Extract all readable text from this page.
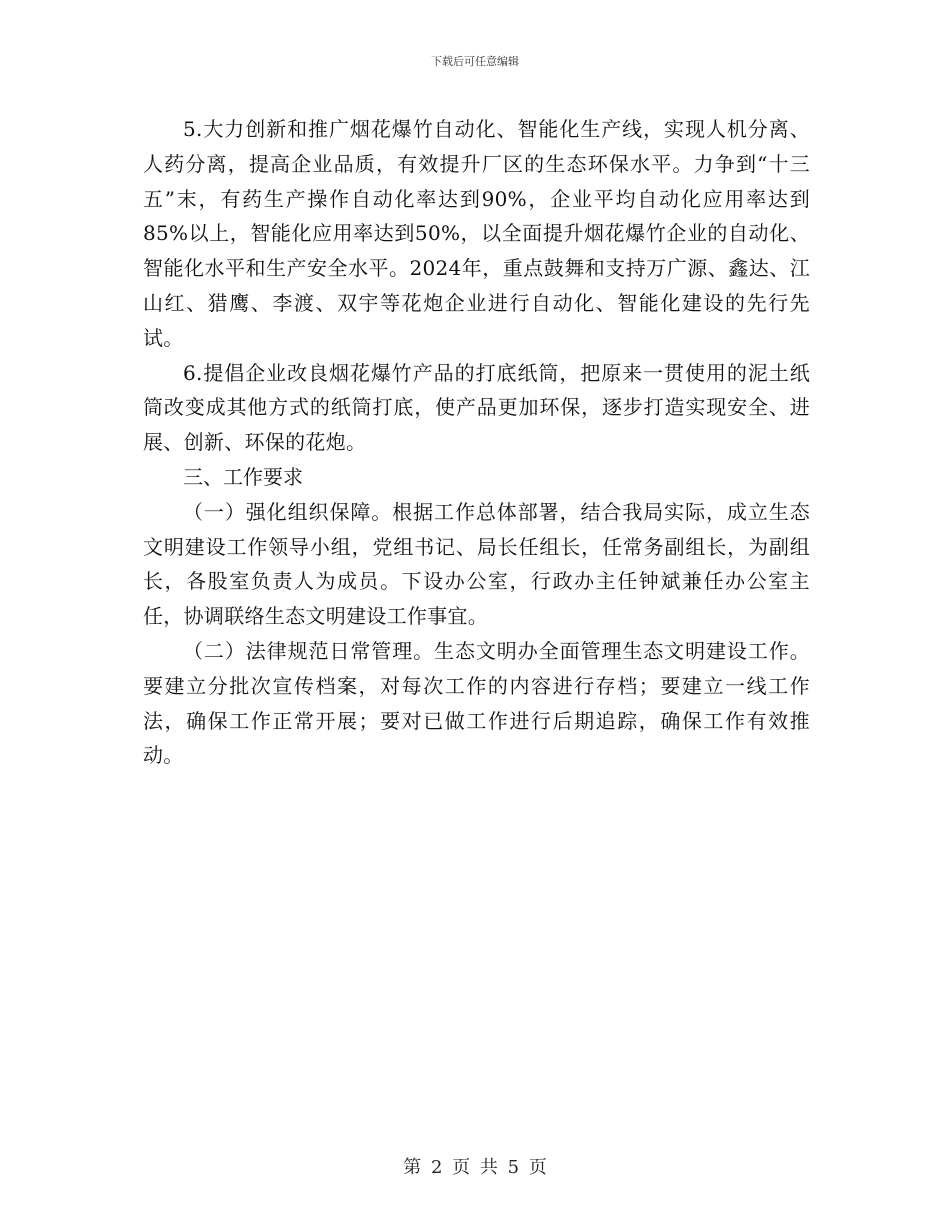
下载后可任意编辑

5.大力创新和推广烟花爆竹自动化、智能化生产线，实现人机分离、人药分离，提高企业品质，有效提升厂区的生态环保水平。力争到“十三五”末，有药生产操作自动化率达到90%，企业平均自动化应用率达到85%以上，智能化应用率达到50%，以全面提升烟花爆竹企业的自动化、智能化水平和生产安全水平。2024年，重点鼓舞和支持万广源、鑫达、江山红、猎鹰、李渡、双宇等花炮企业进行自动化、智能化建设的先行先试。

6.提倡企业改良烟花爆竹产品的打底纸筒，把原来一贯使用的泥土纸筒改变成其他方式的纸筒打底，使产品更加环保，逐步打造实现安全、进展、创新、环保的花炮。

三、工作要求

（一）强化组织保障。根据工作总体部署，结合我局实际，成立生态文明建设工作领导小组，党组书记、局长任组长，任常务副组长，为副组长，各股室负责人为成员。下设办公室，行政办主任钟斌兼任办公室主任，协调联络生态文明建设工作事宜。

（二）法律规范日常管理。生态文明办全面管理生态文明建设工作。要建立分批次宣传档案，对每次工作的内容进行存档；要建立一线工作法，确保工作正常开展；要对已做工作进行后期追踪，确保工作有效推动。

第 2 页 共 5 页
